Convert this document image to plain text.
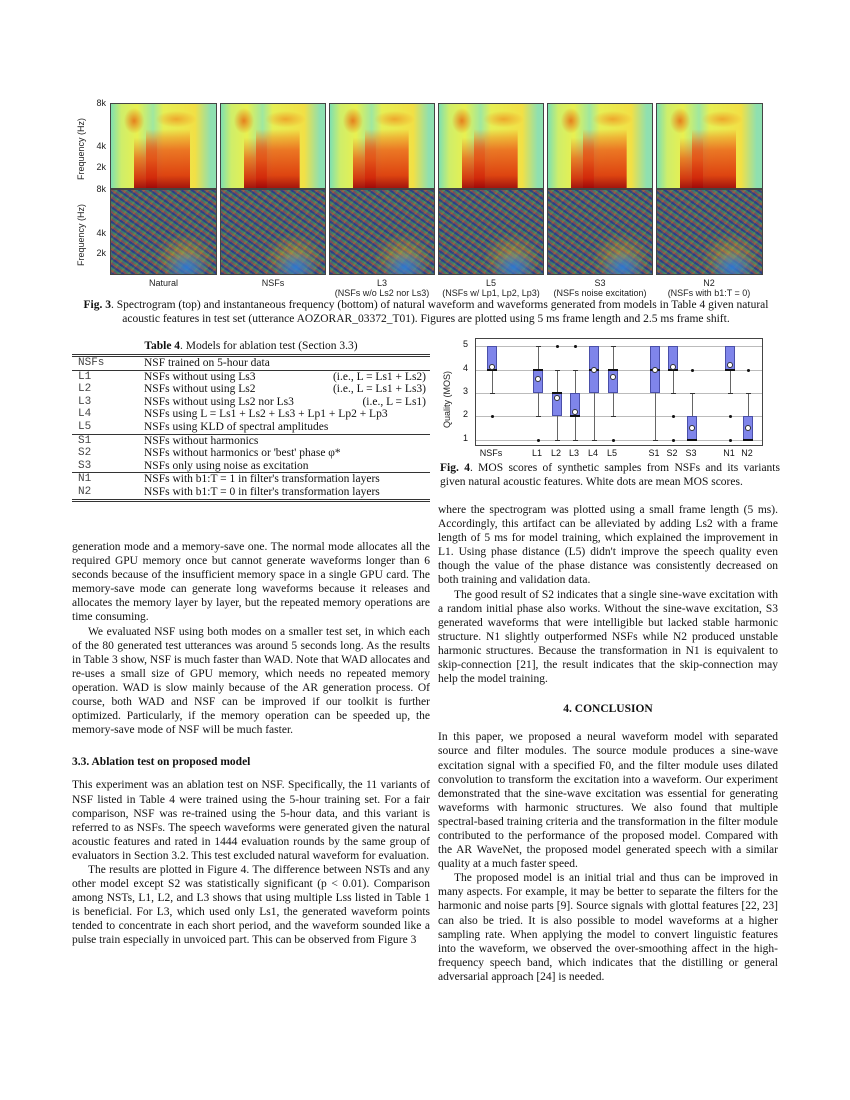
Frequency (Hz)
Frequency (Hz)
8k
4k
2k
8k
4k
2k
Natural	NSFs	L3
(NSFs w/o Ls2 nor Ls3)
L5
(NSFs w/ Lp1, Lp2, Lp3)
S3
(NSFs noise excitation)
N2
(NSFs with b1:T = 0)
Fig. 3. Spectrogram (top) and instantaneous frequency (bottom) of natural waveform and waveforms generated from models in Table 4 given natural acoustic features in test set (utterance AOZORAR_03372_T01). Figures are plotted using 5 ms frame length and 2.5 ms frame shift.
Table 4. Models for ablation test (Section 3.3)
NSFs	NSF trained on 5-hour data	
L1	NSFs without using Ls3	(i.e., L = Ls1 + Ls2)
L2	NSFs without using Ls2	(i.e., L = Ls1 + Ls3)
L3	NSFs without using Ls2 nor Ls3	(i.e., L = Ls1)
L4	NSFs using L = Ls1 + Ls2 + Ls3 + Lp1 + Lp2 + Lp3	
L5	NSFs using KLD of spectral amplitudes	
S1	NSFs without harmonics	
S2	NSFs without harmonics or 'best' phase φ*	
S3	NSFs only using noise as excitation	
N1	NSFs with b1:T = 1 in filter's transformation layers	
N2	NSFs with b1:T = 0 in filter's transformation layers	
Quality (MOS)
1
2
3
4
5
NSFs	L1 L2 L3 L4 L5	S1 S2 S3	N1 N2
Fig. 4. MOS scores of synthetic samples from NSFs and its variants given natural acoustic features. White dots are mean MOS scores.

generation mode and a memory-save one. The normal mode allocates all the required GPU memory once but cannot generate waveforms longer than 6 seconds because of the insufficient memory space in a single GPU card. The memory-save mode can generate long waveforms because it releases and allocates the memory layer by layer, but the repeated memory operations are time consuming.

We evaluated NSF using both modes on a smaller test set, in which each of the 80 generated test utterances was around 5 seconds long. As the results in Table 3 show, NSF is much faster than WAD. Note that WAD allocates and re-uses a small size of GPU memory, which needs no repeated memory operation. WAD is slow mainly because of the AR generation process. Of course, both WAD and NSF can be improved if our toolkit is further optimized. Particularly, if the memory operation can be speeded up, the memory-save mode of NSF will be much faster.

3.3. Ablation test on proposed model

This experiment was an ablation test on NSF. Specifically, the 11 variants of NSF listed in Table 4 were trained using the 5-hour training set. For a fair comparison, NSF was re-trained using the 5-hour data, and this variant is referred to as NSFs. The speech waveforms were generated given the natural acoustic features and rated in 1444 evaluation rounds by the same group of evaluators in Section 3.2. This test excluded natural waveform for evaluation.

The results are plotted in Figure 4. The difference between NSTs and any other model except S2 was statistically significant (p < 0.01). Comparison among NSTs, L1, L2, and L3 shows that using multiple Lss listed in Table 1 is beneficial. For L3, which used only Ls1, the generated waveform points tended to concentrate in each short period, and the waveform sounded like a pulse train especially in unvoiced part. This can be observed from Figure 3

where the spectrogram was plotted using a small frame length (5 ms). Accordingly, this artifact can be alleviated by adding Ls2 with a frame length of 5 ms for model training, which explained the improvement in L1. Using phase distance (L5) didn't improve the speech quality even though the value of the phase distance was consistently decreased on both training and validation data.

The good result of S2 indicates that a single sine-wave excitation with a random initial phase also works. Without the sine-wave excitation, S3 generated waveforms that were intelligible but lacked stable harmonic structure. N1 slightly outperformed NSFs while N2 produced unstable harmonic structures. Because the transformation in N1 is equivalent to skip-connection [21], the result indicates that the skip-connection may help the model training.

4. CONCLUSION

In this paper, we proposed a neural waveform model with separated source and filter modules. The source module produces a sine-wave excitation signal with a specified F0, and the filter module uses dilated convolution to transform the excitation into a waveform. Our experiment demonstrated that the sine-wave excitation was essential for generating waveforms with harmonic structures. We also found that multiple spectral-based training criteria and the transformation in the filter module contributed to the performance of the proposed model. Compared with the AR WaveNet, the proposed model generated speech with a similar quality at a much faster speed.

The proposed model is an initial trial and thus can be improved in many aspects. For example, it may be better to separate the filters for the harmonic and noise parts [9]. Source signals with glottal features [22, 23] can also be tried. It is also possible to model waveforms at a higher sampling rate. When applying the model to convert linguistic features into the waveform, we observed the over-smoothing affect in the high-frequency speech band, which indicates that the distilling or general adversarial approach [24] is needed.
